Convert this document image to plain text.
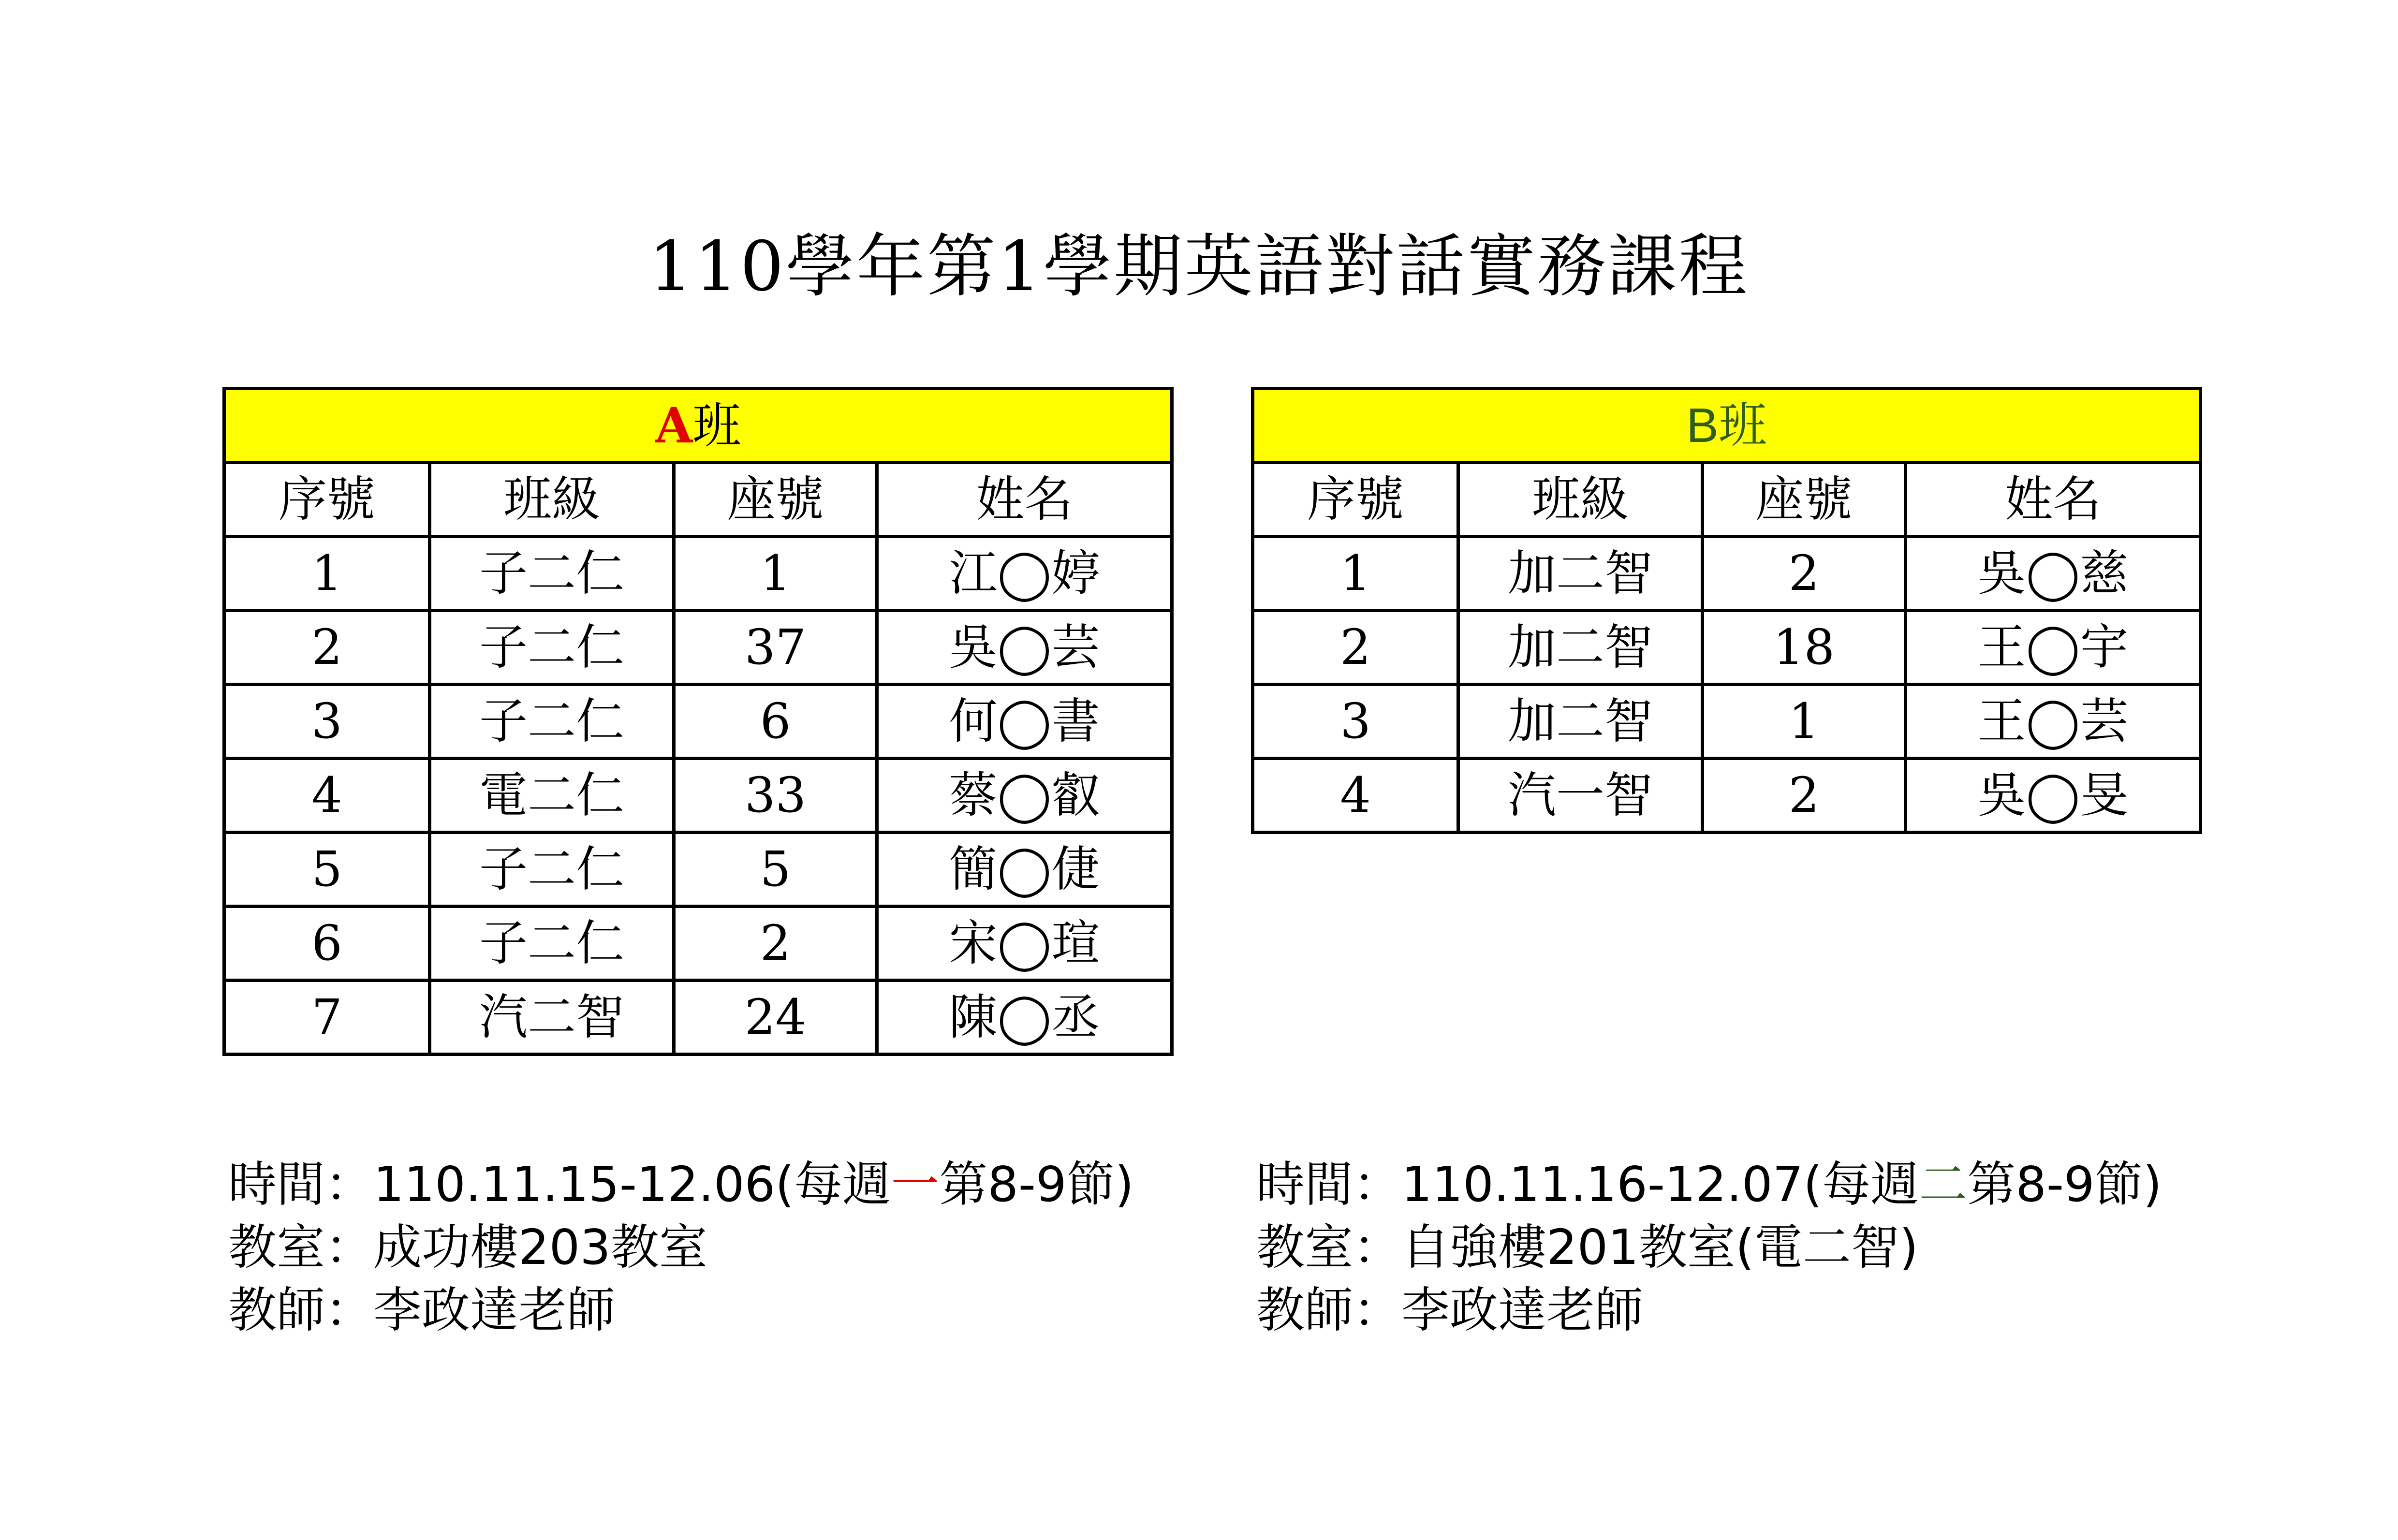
110學年第1學期英語對話實務課程
A班			
序號	班級	座號	姓名
1	子二仁	1	江◯婷
2	子二仁	37	吳◯芸
3	子二仁	6	何◯書
4	電二仁	33	蔡◯叡
5	子二仁	5	簡◯倢
6	子二仁	2	宋◯瑄
7	汽二智	24	陳◯丞
B班			
序號	班級	座號	姓名
1	加二智	2	吳◯慈
2	加二智	18	王◯宇
3	加二智	1	王◯芸
4	汽一智	2	吳◯旻
時間：110.11.15-12.06(每週一第8-9節)
教室：成功樓203教室
教師：李政達老師
時間：110.11.16-12.07(每週二第8-9節)
教室：自強樓201教室(電二智)
教師：李政達老師
